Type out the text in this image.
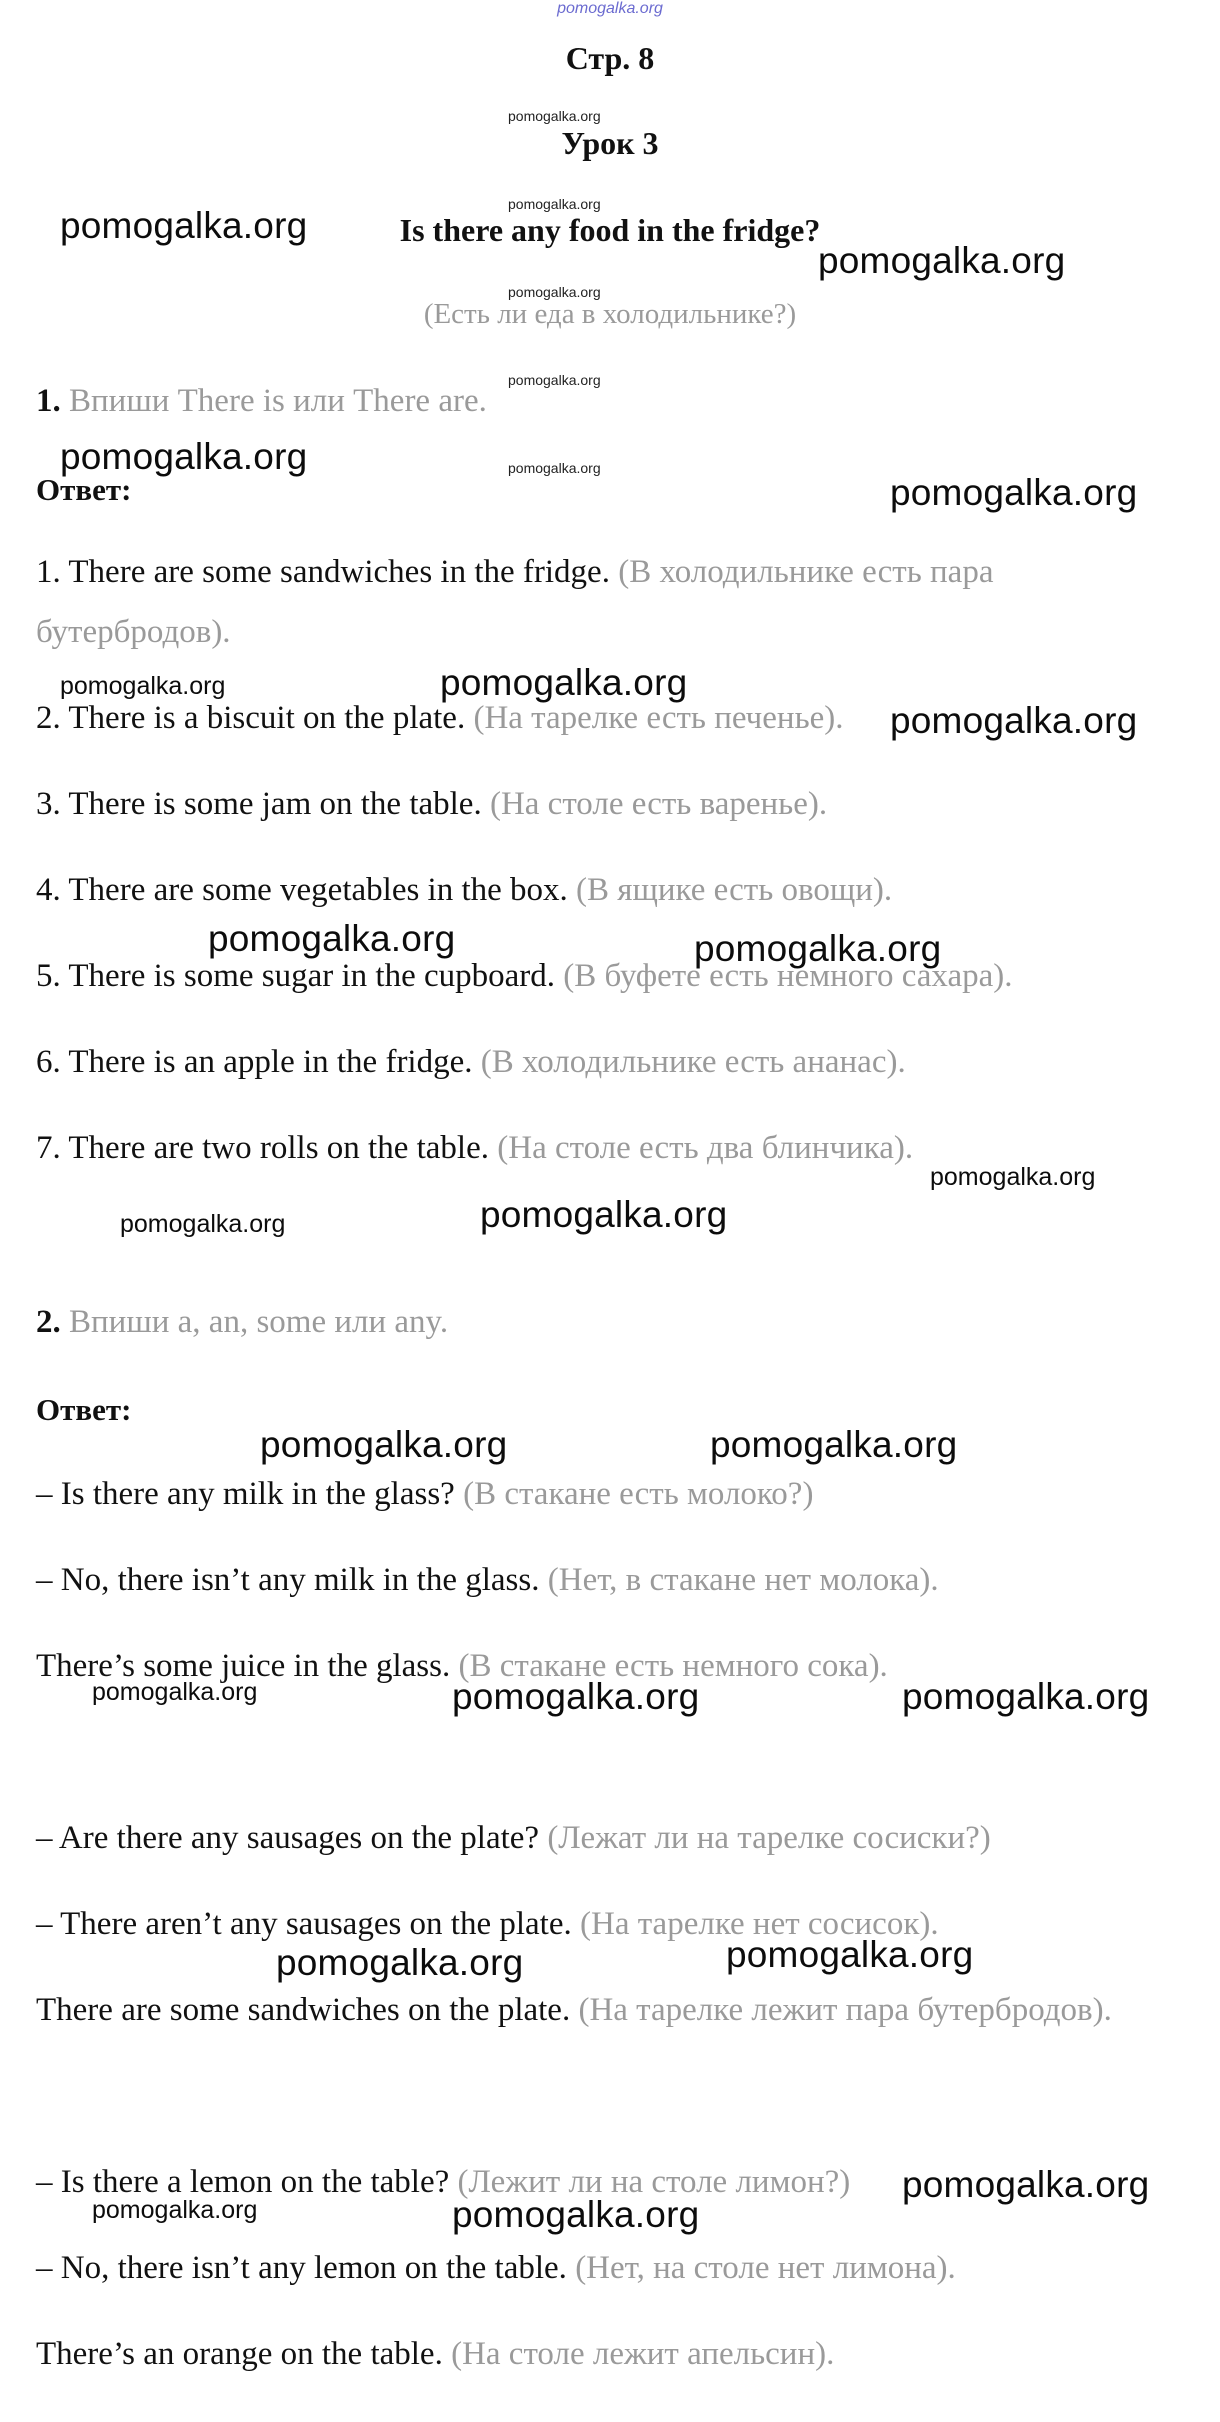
pomogalka.org
Стр. 8
Урок 3
Is there any food in the fridge?
(Есть ли еда в холодильнике?)
1. Впиши There is или There are.
Ответ:
1. There are some sandwiches in the fridge. (В холодильнике есть пара
бутербродов).
2. There is a biscuit on the plate. (На тарелке есть печенье).
3. There is some jam on the table. (На столе есть варенье).
4. There are some vegetables in the box. (В ящике есть овощи).
5. There is some sugar in the cupboard. (В буфете есть немного сахара).
6. There is an apple in the fridge. (В холодильнике есть ананас).
7. There are two rolls on the table. (На столе есть два блинчика).
2. Впиши a, an, some или any.
Ответ:
– Is there any milk in the glass? (В стакане есть молоко?)
– No, there isn’t any milk in the glass. (Нет, в стакане нет молока).
There’s some juice in the glass. (В стакане есть немного сока).
– Are there any sausages on the plate? (Лежат ли на тарелке сосиски?)
– There aren’t any sausages on the plate. (На тарелке нет сосисок).
There are some sandwiches on the plate. (На тарелке лежит пара бутербродов).
– Is there a lemon on the table? (Лежит ли на столе лимон?)
– No, there isn’t any lemon on the table. (Нет, на столе нет лимона).
There’s an orange on the table. (На столе лежит апельсин).
pomogalka.org
pomogalka.org
pomogalka.org
pomogalka.org
pomogalka.org
pomogalka.org
pomogalka.org	pomogalka.org
pomogalka.org
pomogalka.org	pomogalka.org
pomogalka.org
pomogalka.org	pomogalka.org
pomogalka.org
pomogalka.org	pomogalka.org
pomogalka.org	pomogalka.org
pomogalka.org	pomogalka.org	pomogalka.org
pomogalka.org	pomogalka.org
pomogalka.org
pomogalka.org	pomogalka.org
